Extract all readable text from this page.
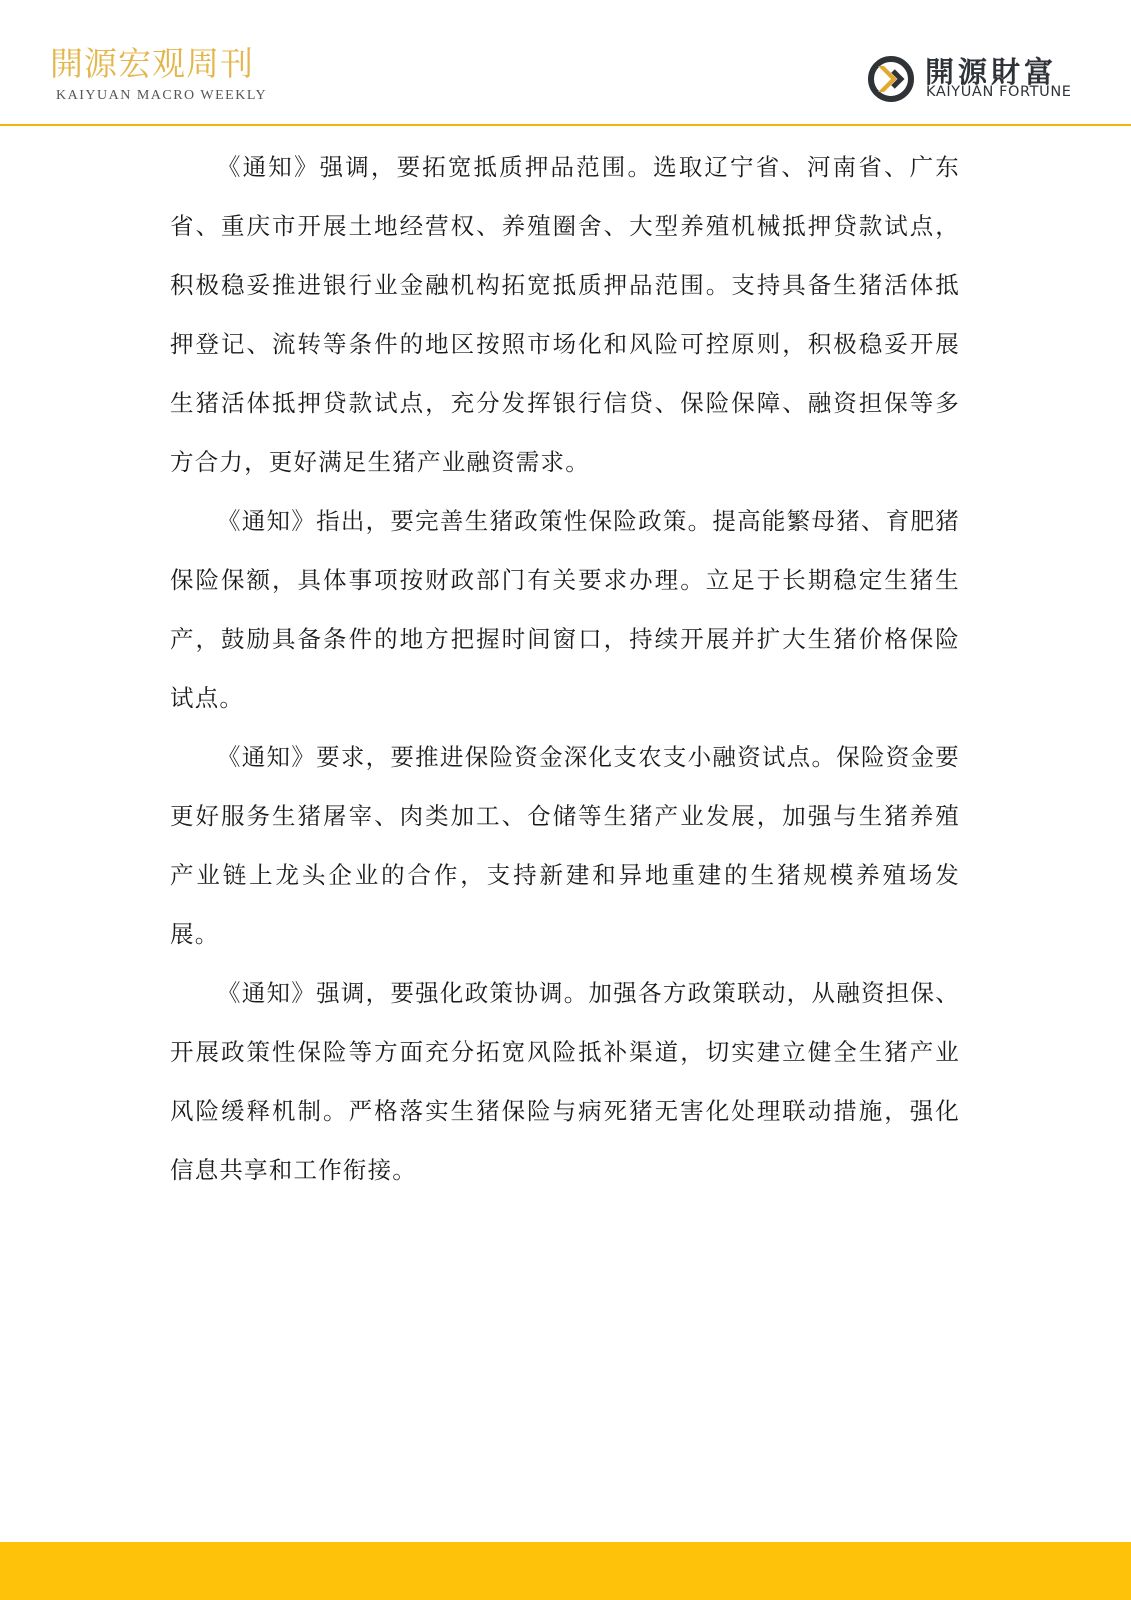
開源宏观周刊
KAIYUAN MACRO WEEKLY
開源財富
KAIYUAN FORTUNE

《通知》强调，要拓宽抵质押品范围。选取辽宁省、河南省、广东省、重庆市开展土地经营权、养殖圈舍、大型养殖机械抵押贷款试点，积极稳妥推进银行业金融机构拓宽抵质押品范围。支持具备生猪活体抵押登记、流转等条件的地区按照市场化和风险可控原则，积极稳妥开展生猪活体抵押贷款试点，充分发挥银行信贷、保险保障、融资担保等多方合力，更好满足生猪产业融资需求。

《通知》指出，要完善生猪政策性保险政策。提高能繁母猪、育肥猪保险保额，具体事项按财政部门有关要求办理。立足于长期稳定生猪生产，鼓励具备条件的地方把握时间窗口，持续开展并扩大生猪价格保险试点。

《通知》要求，要推进保险资金深化支农支小融资试点。保险资金要更好服务生猪屠宰、肉类加工、仓储等生猪产业发展，加强与生猪养殖产业链上龙头企业的合作，支持新建和异地重建的生猪规模养殖场发展。

《通知》强调，要强化政策协调。加强各方政策联动，从融资担保、开展政策性保险等方面充分拓宽风险抵补渠道，切实建立健全生猪产业风险缓释机制。严格落实生猪保险与病死猪无害化处理联动措施，强化信息共享和工作衔接。
